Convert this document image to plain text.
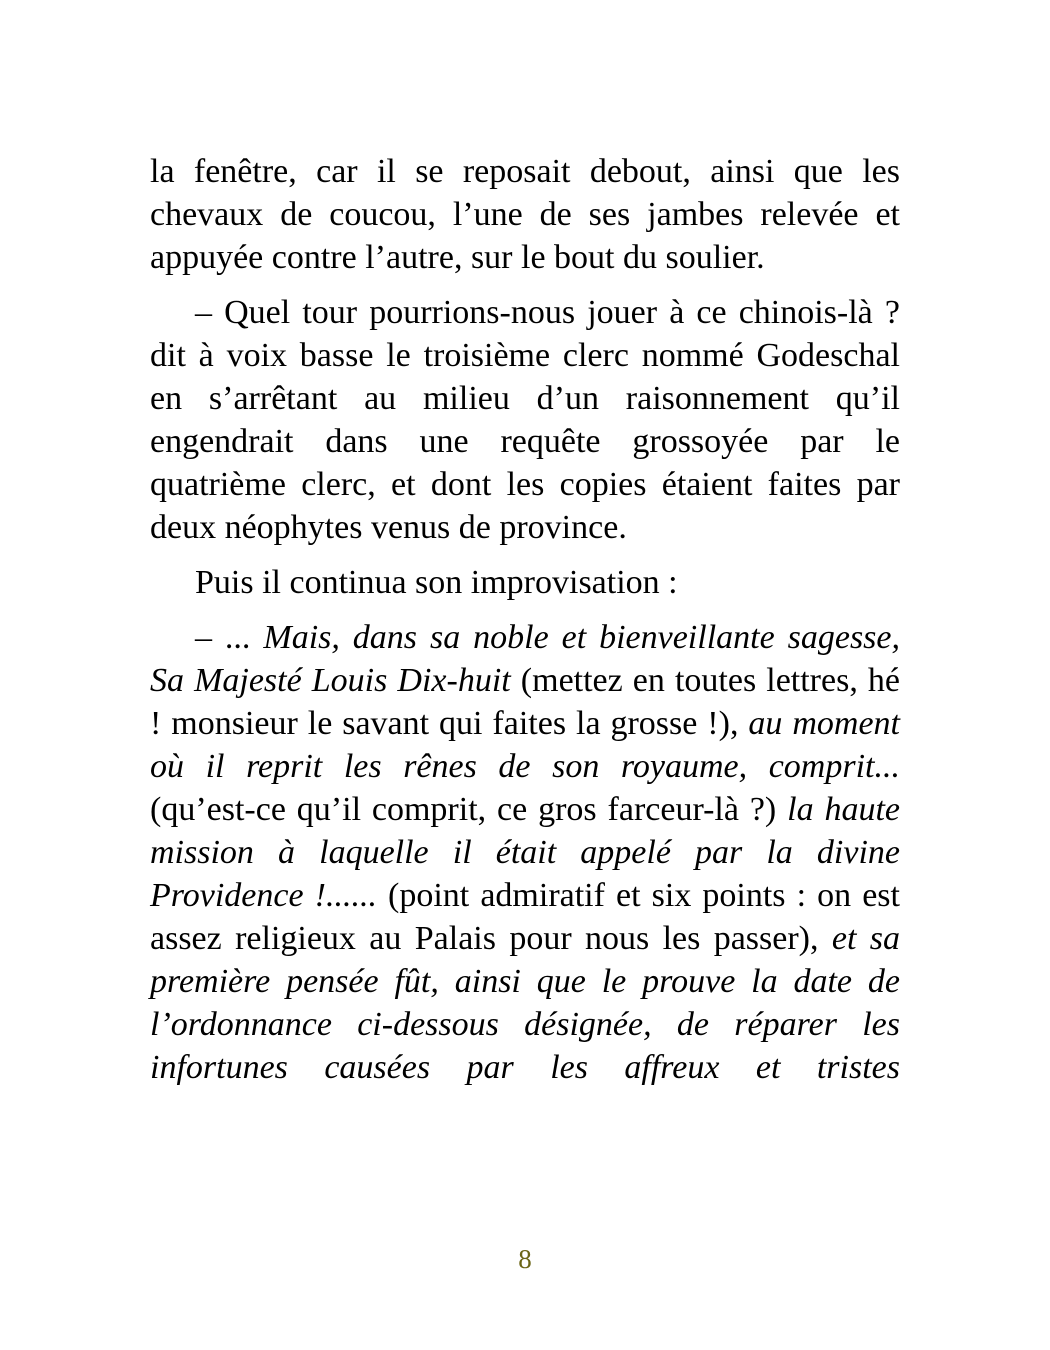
la fenêtre, car il se reposait debout, ainsi que les chevaux de coucou, l’une de ses jambes relevée et appuyée contre l’autre, sur le bout du soulier.

– Quel tour pourrions-nous jouer à ce chinois-là ? dit à voix basse le troisième clerc nommé Godeschal en s’arrêtant au milieu d’un raisonnement qu’il engendrait dans une requête grossoyée par le quatrième clerc, et dont les copies étaient faites par deux néophytes venus de province.

Puis il continua son improvisation :

– ... Mais, dans sa noble et bienveillante sagesse, Sa Majesté Louis Dix-huit (mettez en toutes lettres, hé ! monsieur le savant qui faites la grosse !), au moment où il reprit les rênes de son royaume, comprit... (qu’est-ce qu’il comprit, ce gros farceur-là ?) la haute mission à laquelle il était appelé par la divine Providence !...... (point admiratif et six points : on est assez religieux au Palais pour nous les passer), et sa première pensée fût, ainsi que le prouve la date de l’ordonnance ci-dessous désignée, de réparer les infortunes causées par les affreux et tristes

8
